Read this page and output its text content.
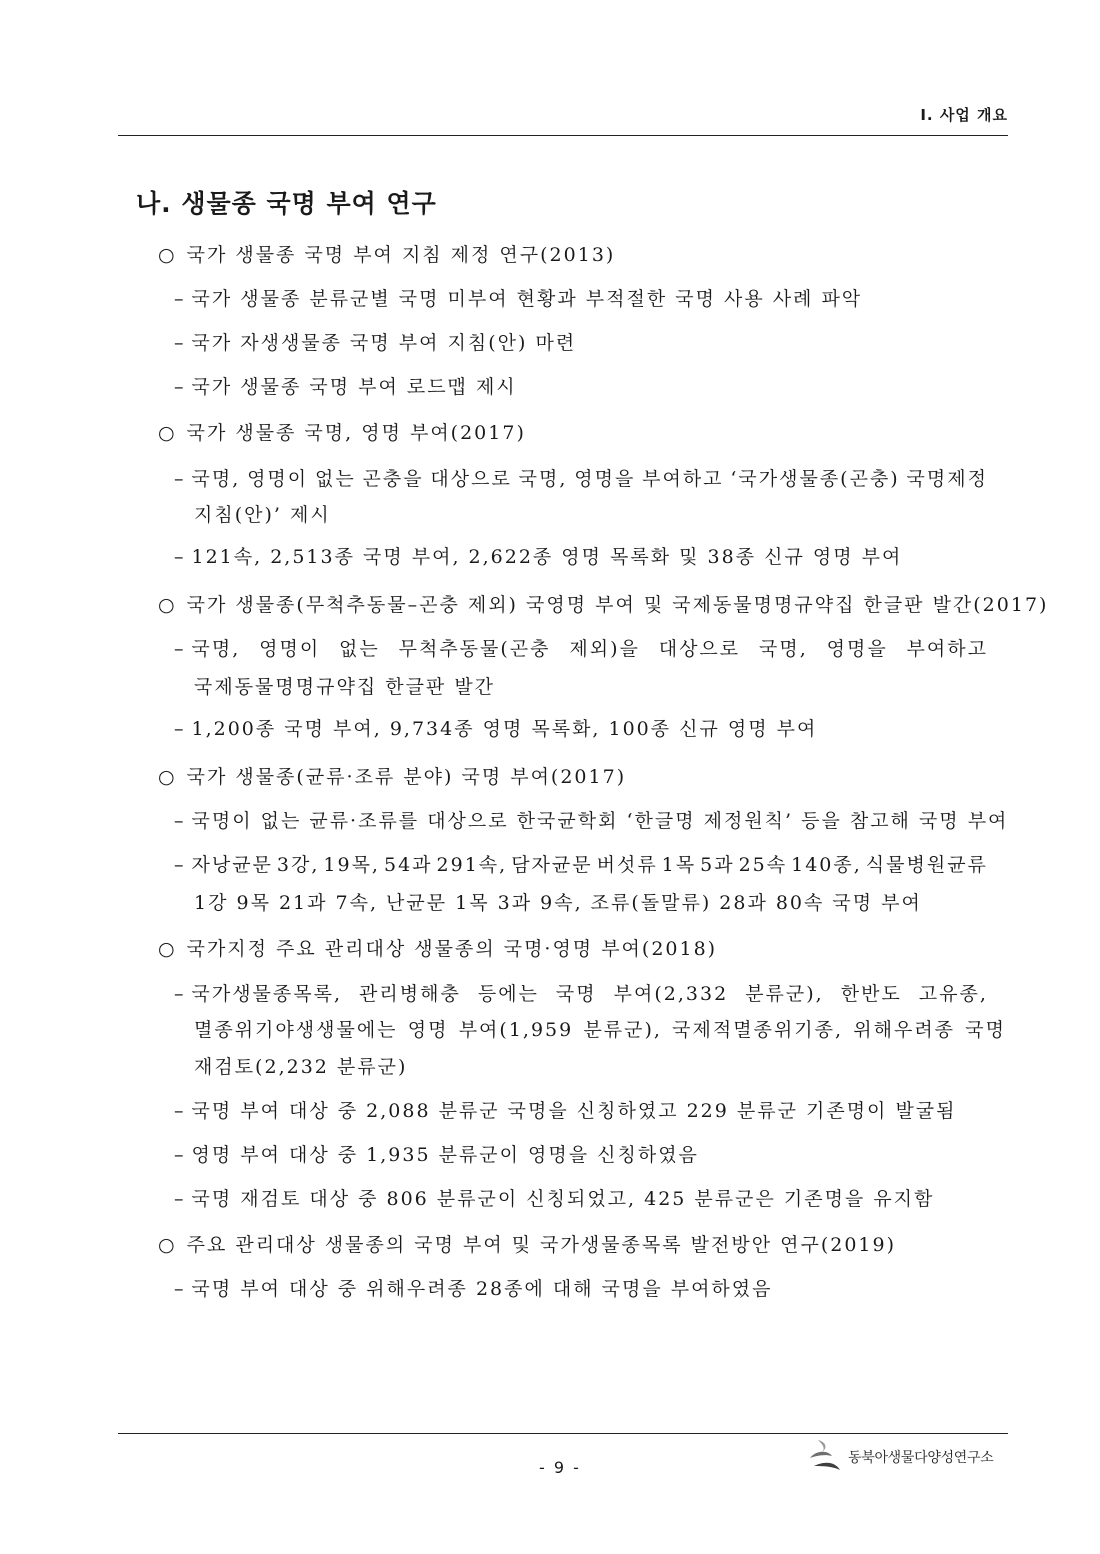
Ⅰ. 사업 개요
나. 생물종 국명 부여 연구
○ 국가 생물종 국명 부여 지침 제정 연구(2013)
– 국가 생물종 분류군별 국명 미부여 현황과 부적절한 국명 사용 사례 파악
– 국가 자생생물종 국명 부여 지침(안) 마련
– 국가 생물종 국명 부여 로드맵 제시
○ 국가 생물종 국명, 영명 부여(2017)
– 국명, 영명이 없는 곤충을 대상으로 국명, 영명을 부여하고 ‘국가생물종(곤충) 국명제정
지침(안)’ 제시
– 121속, 2,513종 국명 부여, 2,622종 영명 목록화 및 38종 신규 영명 부여
○ 국가 생물종(무척추동물–곤충 제외) 국영명 부여 및 국제동물명명규약집 한글판 발간(2017)
– 국명, 영명이 없는 무척추동물(곤충 제외)을 대상으로 국명, 영명을 부여하고
국제동물명명규약집 한글판 발간
– 1,200종 국명 부여, 9,734종 영명 목록화, 100종 신규 영명 부여
○ 국가 생물종(균류·조류 분야) 국명 부여(2017)
– 국명이 없는 균류·조류를 대상으로 한국균학회 ‘한글명 제정원칙’ 등을 참고해 국명 부여
– 자낭균문 3강, 19목, 54과 291속, 담자균문 버섯류 1목 5과 25속 140종, 식물병원균류
1강 9목 21과 7속, 난균문 1목 3과 9속, 조류(돌말류) 28과 80속 국명 부여
○ 국가지정 주요 관리대상 생물종의 국명·영명 부여(2018)
– 국가생물종목록, 관리병해충 등에는 국명 부여(2,332 분류군), 한반도 고유종,
멸종위기야생생물에는 영명 부여(1,959 분류군), 국제적멸종위기종, 위해우려종 국명
재검토(2,232 분류군)
– 국명 부여 대상 중 2,088 분류군 국명을 신칭하였고 229 분류군 기존명이 발굴됨
– 영명 부여 대상 중 1,935 분류군이 영명을 신칭하였음
– 국명 재검토 대상 중 806 분류군이 신칭되었고, 425 분류군은 기존명을 유지함
○ 주요 관리대상 생물종의 국명 부여 및 국가생물종목록 발전방안 연구(2019)
– 국명 부여 대상 중 위해우려종 28종에 대해 국명을 부여하였음
- 9 -	동북아생물다양성연구소
